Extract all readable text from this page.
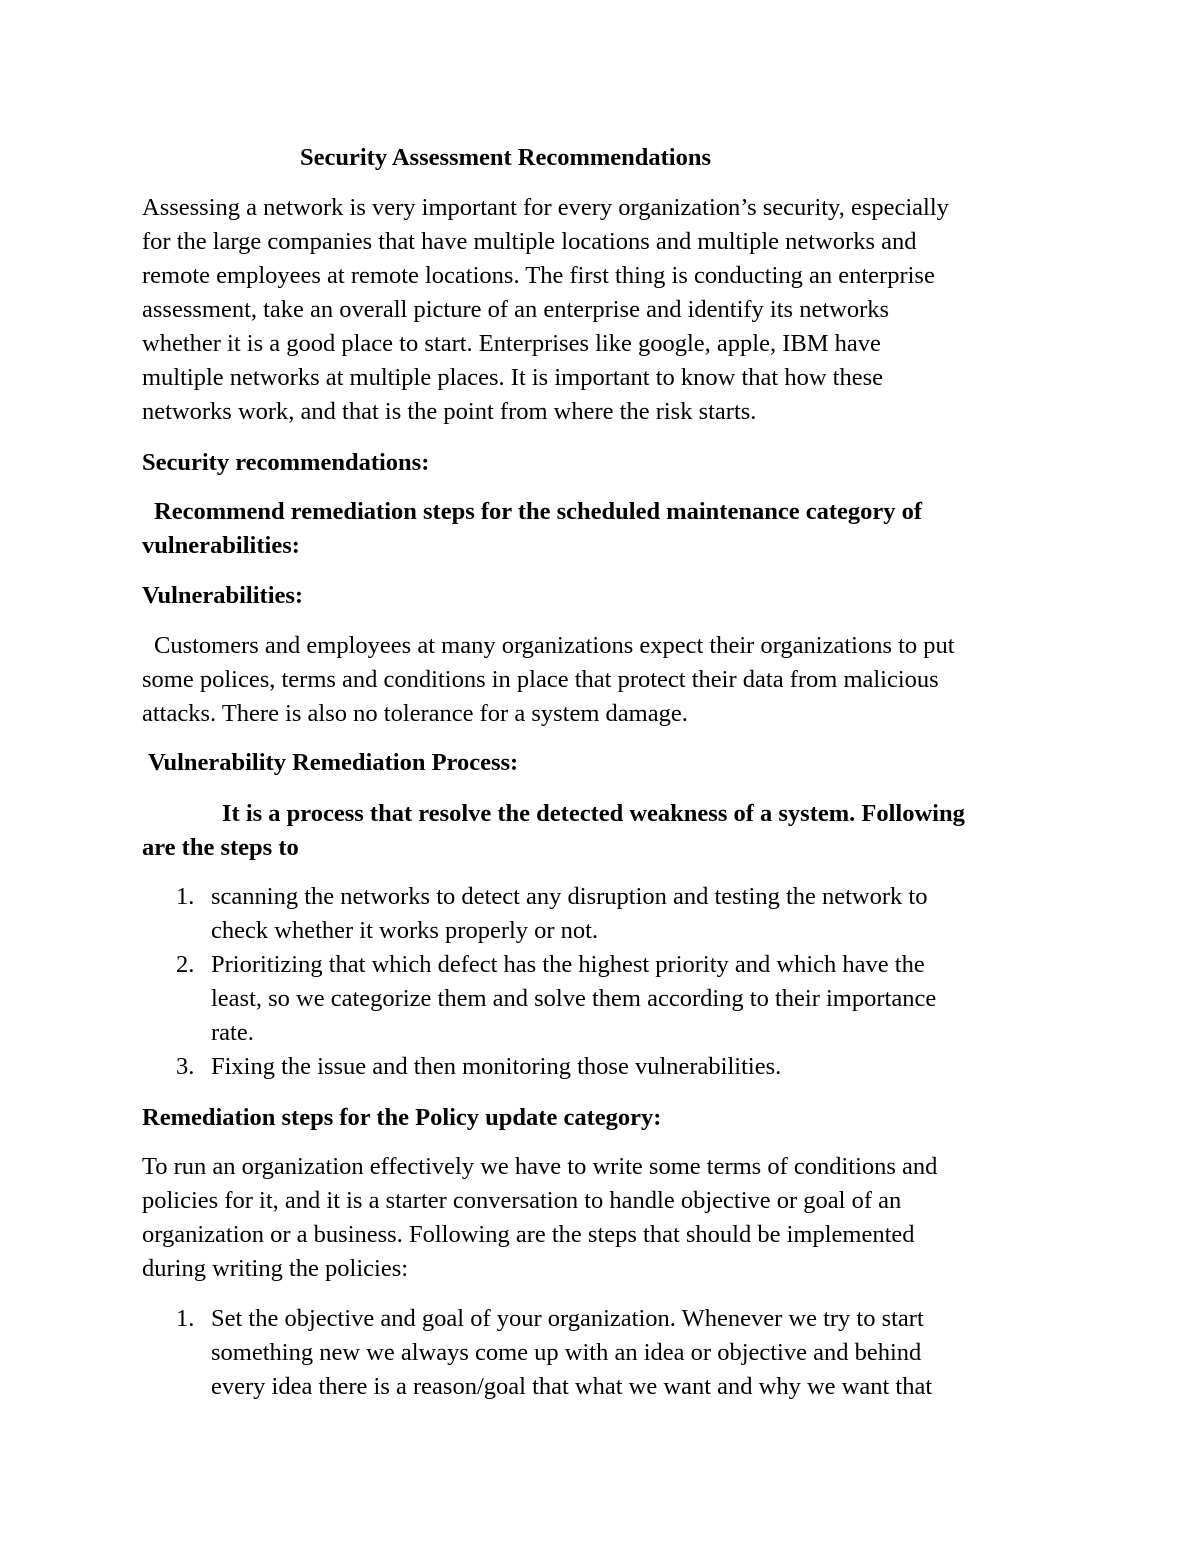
Security Assessment Recommendations
Assessing a network is very important for every organization’s security, especially
for the large companies that have multiple locations and multiple networks and
remote employees at remote locations. The first thing is conducting an enterprise
assessment, take an overall picture of an enterprise and identify its networks
whether it is a good place to start. Enterprises like google, apple, IBM have
multiple networks at multiple places. It is important to know that how these
networks work, and that is the point from where the risk starts.
Security recommendations:
Recommend remediation steps for the scheduled maintenance category of
vulnerabilities:
Vulnerabilities:
Customers and employees at many organizations expect their organizations to put
some polices, terms and conditions in place that protect their data from malicious
attacks. There is also no tolerance for a system damage.
Vulnerability Remediation Process:
It is a process that resolve the detected weakness of a system. Following
are the steps to
1. scanning the networks to detect any disruption and testing the network to
check whether it works properly or not.
2. Prioritizing that which defect has the highest priority and which have the
least, so we categorize them and solve them according to their importance
rate.
3. Fixing the issue and then monitoring those vulnerabilities.
Remediation steps for the Policy update category:
To run an organization effectively we have to write some terms of conditions and
policies for it, and it is a starter conversation to handle objective or goal of an
organization or a business. Following are the steps that should be implemented
during writing the policies:
1. Set the objective and goal of your organization. Whenever we try to start
something new we always come up with an idea or objective and behind
every idea there is a reason/goal that what we want and why we want that
